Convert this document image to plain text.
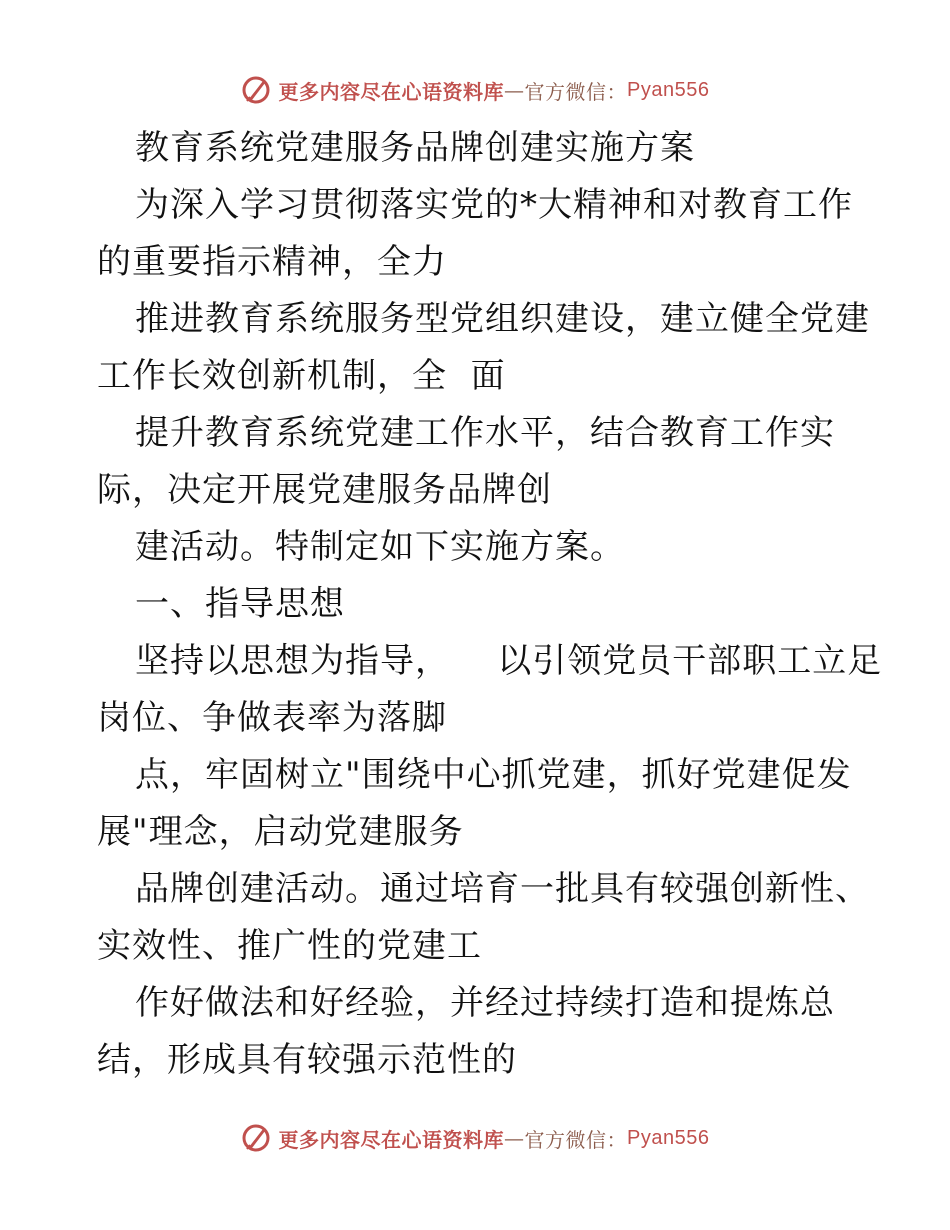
更多内容尽在心语资料库 — 官方微信： Pyan556
教育系统党建服务品牌创建实施方案
为深入学习贯彻落实党的*大精神和对教育工作
的重要指示精神，全力
推进教育系统服务型党组织建设，建立健全党建
工作长效创新机制，全  面
提升教育系统党建工作水平，结合教育工作实
际，决定开展党建服务品牌创
建活动。特制定如下实施方案。
一、指导思想
坚持以思想为指导，    以引领党员干部职工立足
岗位、争做表率为落脚
点，牢固树立"围绕中心抓党建，抓好党建促发
展"理念，启动党建服务
品牌创建活动。通过培育一批具有较强创新性、
实效性、推广性的党建工
作好做法和好经验，并经过持续打造和提炼总
结，形成具有较强示范性的
更多内容尽在心语资料库 — 官方微信： Pyan556
